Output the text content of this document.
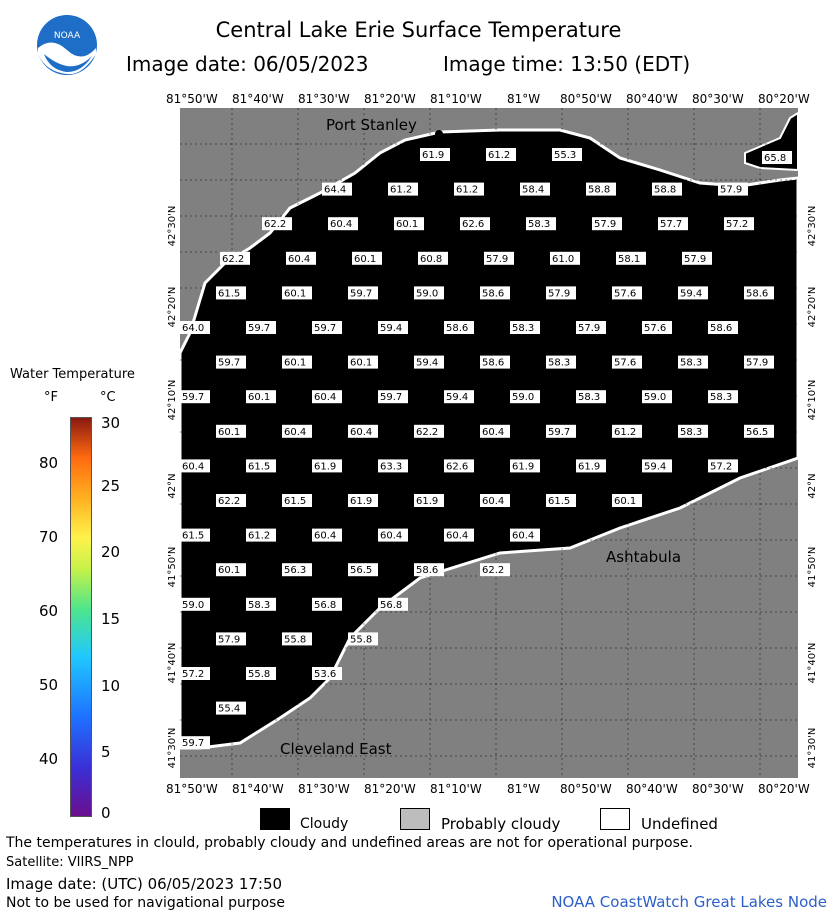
NOAA	Central Lake Erie Surface Temperature
Image date: 06/05/2023	Image time: 13:50 (EDT)
81°50'W 81°40'W 81°30'W 81°20'W 81°10'W 81°W 80°50'W 80°40'W 80°30'W 80°20'W
81°50'W 81°40'W 81°30'W 81°20'W 81°10'W 81°W 80°50'W 80°40'W 80°30'W 80°20'W
42°30'N
42°20'N
42°10'N
42°N
41°50'N
41°40'N
41°30'N
42°30'N
42°20'N
42°10'N
42°N
41°50'N
41°40'N
41°30'N
Port Stanley
Ashtabula
Cleveland East
65.8
61.9	61.2	55.3
64.4	61.2	61.2	58.4	58.8	58.8	57.9
62.2	60.4	60.1	62.6	58.3	57.9	57.7	57.2
62.2	60.4	60.1	60.8	57.9	61.0	58.1	57.9
61.5	60.1	59.7	59.0	58.6	57.9	57.6	59.4	58.6
64.0	59.7	59.7	59.4	58.6	58.3	57.9	57.6	58.6
59.7	60.1	60.1	59.4	58.6	58.3	57.6	58.3	57.9
59.7	60.1	60.4	59.7	59.4	59.0	58.3	59.0	58.3
60.1	60.4	60.4	62.2	60.4	59.7	61.2	58.3	56.5
60.4	61.5	61.9	63.3	62.6	61.9	61.9	59.4	57.2
62.2	61.5	61.9	61.9	60.4	61.5	60.1
61.5	61.2	60.4	60.4	60.4	60.4
60.1	56.3	56.5	58.6	62.2
59.0	58.3	56.8	56.8
57.9	55.8	55.8
57.2	55.8	53.6
55.4
59.7
Water Temperature
°F	°C
80
70
60
50
40
30
25
20
15
10
5
0
Cloudy	Probably cloudy	Undefined
The temperatures in clould, probably cloudy and undefined areas are not for operational purpose.
Satellite: VIIRS_NPP
Image date: (UTC) 06/05/2023 17:50
Not to be used for navigational purpose	NOAA CoastWatch Great Lakes Node
